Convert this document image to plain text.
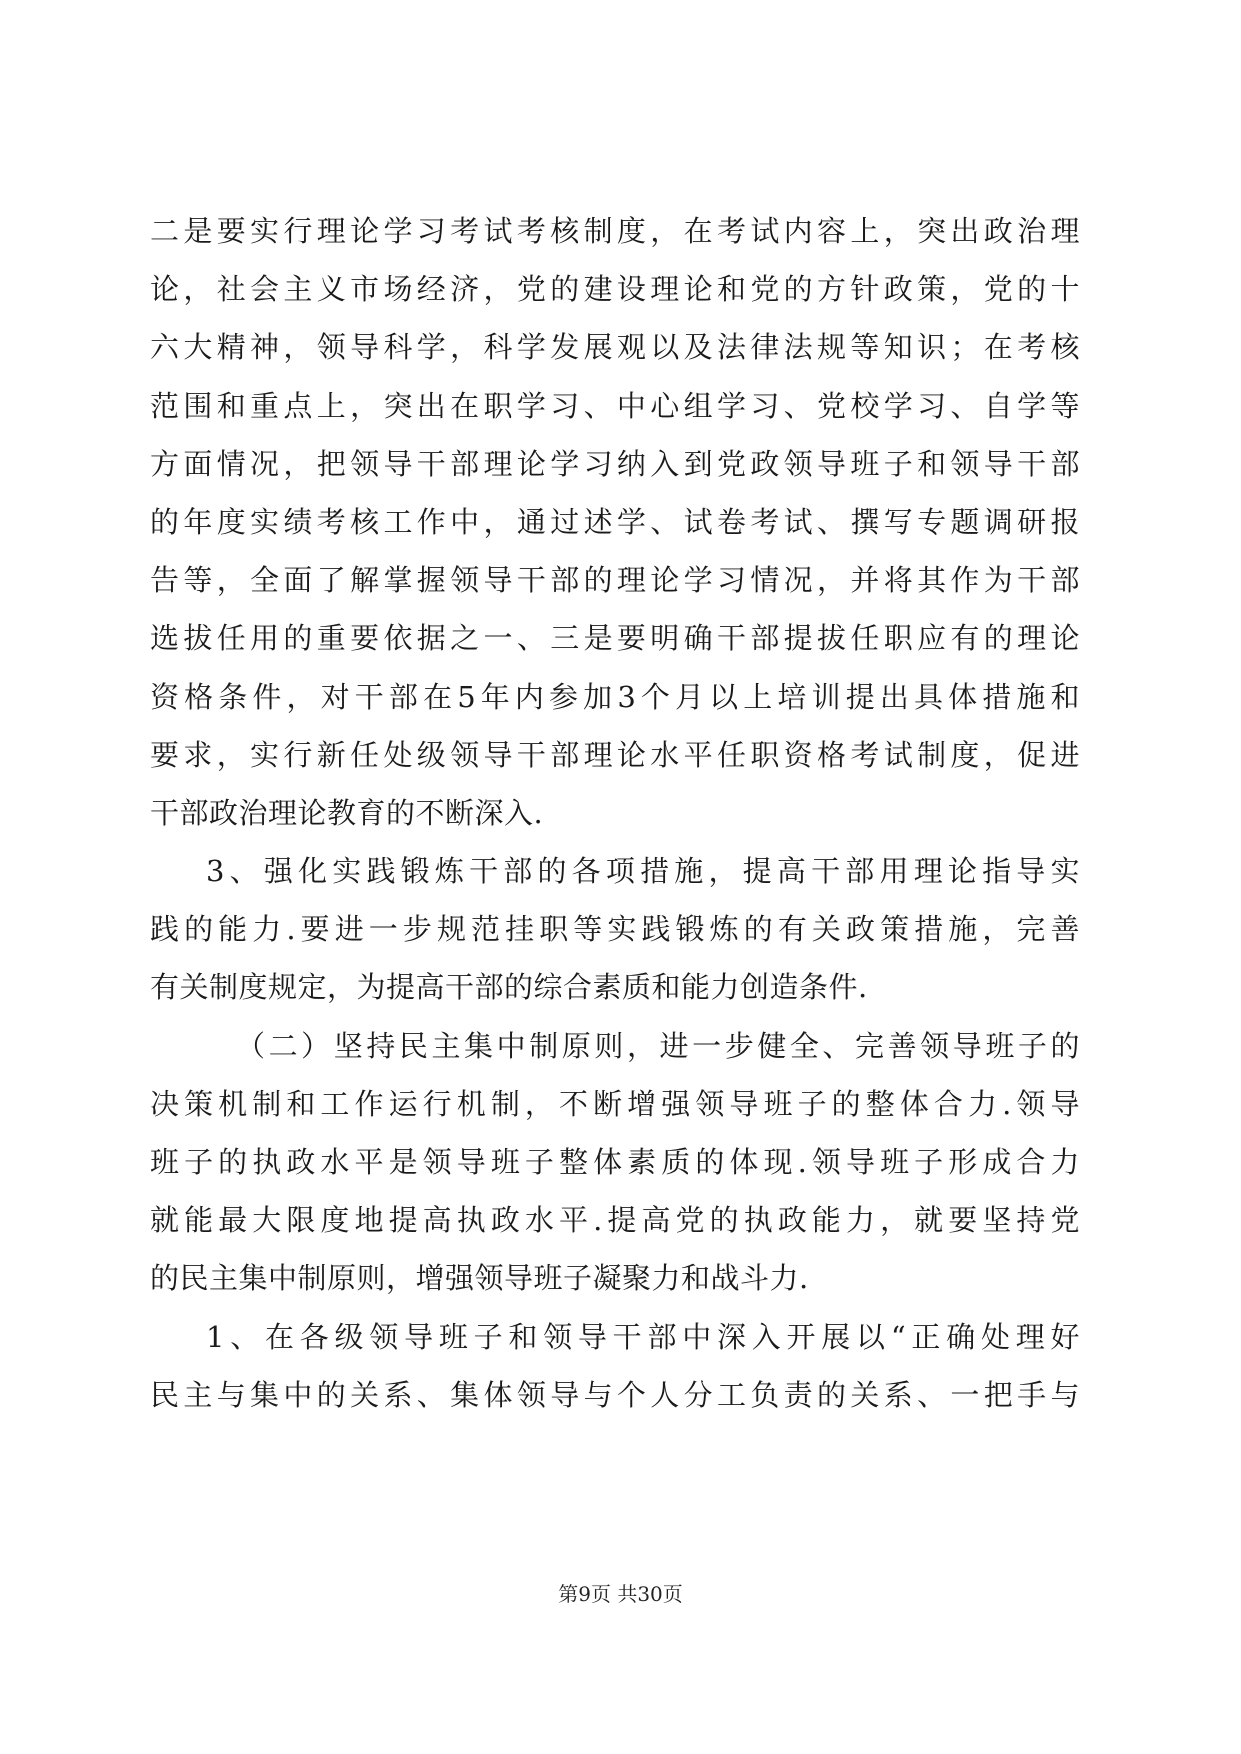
二是要实行理论学习考试考核制度，在考试内容上，突出政治理
论，社会主义市场经济，党的建设理论和党的方针政策，党的十
六大精神，领导科学，科学发展观以及法律法规等知识；在考核
范围和重点上，突出在职学习、中心组学习、党校学习、自学等
方面情况，把领导干部理论学习纳入到党政领导班子和领导干部
的年度实绩考核工作中，通过述学、试卷考试、撰写专题调研报
告等，全面了解掌握领导干部的理论学习情况，并将其作为干部
选拔任用的重要依据之一、三是要明确干部提拔任职应有的理论
资格条件，对干部在5年内参加3个月以上培训提出具体措施和
要求，实行新任处级领导干部理论水平任职资格考试制度，促进
干部政治理论教育的不断深入.
3、强化实践锻炼干部的各项措施，提高干部用理论指导实
践的能力.要进一步规范挂职等实践锻炼的有关政策措施，完善
有关制度规定，为提高干部的综合素质和能力创造条件.
（二）坚持民主集中制原则，进一步健全、完善领导班子的
决策机制和工作运行机制，不断增强领导班子的整体合力.领导
班子的执政水平是领导班子整体素质的体现.领导班子形成合力
就能最大限度地提高执政水平.提高党的执政能力，就要坚持党
的民主集中制原则，增强领导班子凝聚力和战斗力.
1、在各级领导班子和领导干部中深入开展以“正确处理好
民主与集中的关系、集体领导与个人分工负责的关系、一把手与
第9页 共30页
